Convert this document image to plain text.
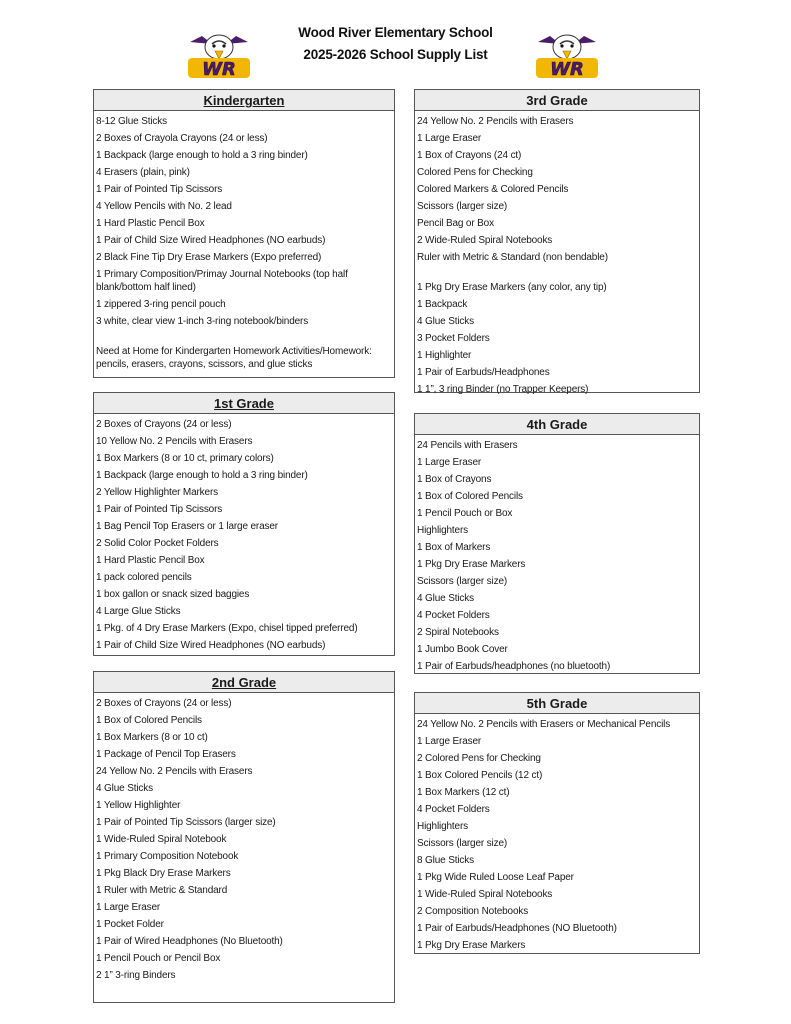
Wood River Elementary School
2025-2026 School Supply List
WR	WR
Kindergarten
8-12 Glue Sticks
2 Boxes of Crayola Crayons (24 or less)
1 Backpack (large enough to hold a 3 ring binder)
4 Erasers (plain, pink)
1 Pair of Pointed Tip Scissors
4 Yellow Pencils with No. 2 lead
1 Hard Plastic Pencil Box
1 Pair of Child Size Wired Headphones (NO earbuds)
2 Black Fine Tip Dry Erase Markers (Expo preferred)
1 Primary Composition/Primay Journal Notebooks (top half blank/bottom half lined)
1 zippered 3-ring pencil pouch
3 white, clear view 1-inch 3-ring notebook/binders
Need at Home for Kindergarten Homework Activities/Homework: pencils, erasers, crayons, scissors, and glue sticks
1st Grade
2 Boxes of Crayons (24 or less)
10 Yellow No. 2 Pencils with Erasers
1 Box Markers (8 or 10 ct, primary colors)
1 Backpack (large enough to hold a 3 ring binder)
2 Yellow Highlighter Markers
1 Pair of Pointed Tip Scissors
1 Bag Pencil Top Erasers or 1 large eraser
2 Solid Color Pocket Folders
1 Hard Plastic Pencil Box
1 pack colored pencils
1 box gallon or snack sized baggies
4 Large Glue Sticks
1 Pkg. of 4 Dry Erase Markers (Expo, chisel tipped preferred)
1 Pair of Child Size Wired Headphones (NO earbuds)
2nd Grade
2 Boxes of Crayons (24 or less)
1 Box of Colored Pencils
1 Box Markers (8 or 10 ct)
1 Package of Pencil Top Erasers
24 Yellow No. 2 Pencils with Erasers
4 Glue Sticks
1 Yellow Highlighter
1 Pair of Pointed Tip Scissors (larger size)
1 Wide-Ruled Spiral Notebook
1 Primary Composition Notebook
1 Pkg Black Dry Erase Markers
1 Ruler with Metric & Standard
1 Large Eraser
1 Pocket Folder
1 Pair of Wired Headphones (No Bluetooth)
1 Pencil Pouch or Pencil Box
2 1” 3-ring Binders
3rd Grade
24 Yellow No. 2 Pencils with Erasers
1 Large Eraser
1 Box of Crayons (24 ct)
Colored Pens for Checking
Colored Markers & Colored Pencils
Scissors (larger size)
Pencil Bag or Box
2 Wide-Ruled Spiral Notebooks
Ruler with Metric & Standard (non bendable)
1 Pkg Dry Erase Markers (any color, any tip)
1 Backpack
4 Glue Sticks
3 Pocket Folders
1 Highlighter
1 Pair of Earbuds/Headphones
1 1”, 3 ring Binder (no Trapper Keepers)
4th Grade
24 Pencils with Erasers
1 Large Eraser
1 Box of Crayons
1 Box of Colored Pencils
1 Pencil Pouch or Box
Highlighters
1 Box of Markers
1 Pkg Dry Erase Markers
Scissors (larger size)
4 Glue Sticks
4 Pocket Folders
2 Spiral Notebooks
1 Jumbo Book Cover
1 Pair of Earbuds/headphones (no bluetooth)
5th Grade
24 Yellow No. 2 Pencils with Erasers or Mechanical Pencils
1 Large Eraser
2 Colored Pens for Checking
1 Box Colored Pencils (12 ct)
1 Box Markers (12 ct)
4 Pocket Folders
Highlighters
Scissors (larger size)
8 Glue Sticks
1 Pkg Wide Ruled Loose Leaf Paper
1 Wide-Ruled Spiral Notebooks
2 Composition Notebooks
1 Pair of Earbuds/Headphones (NO Bluetooth)
1 Pkg Dry Erase Markers
